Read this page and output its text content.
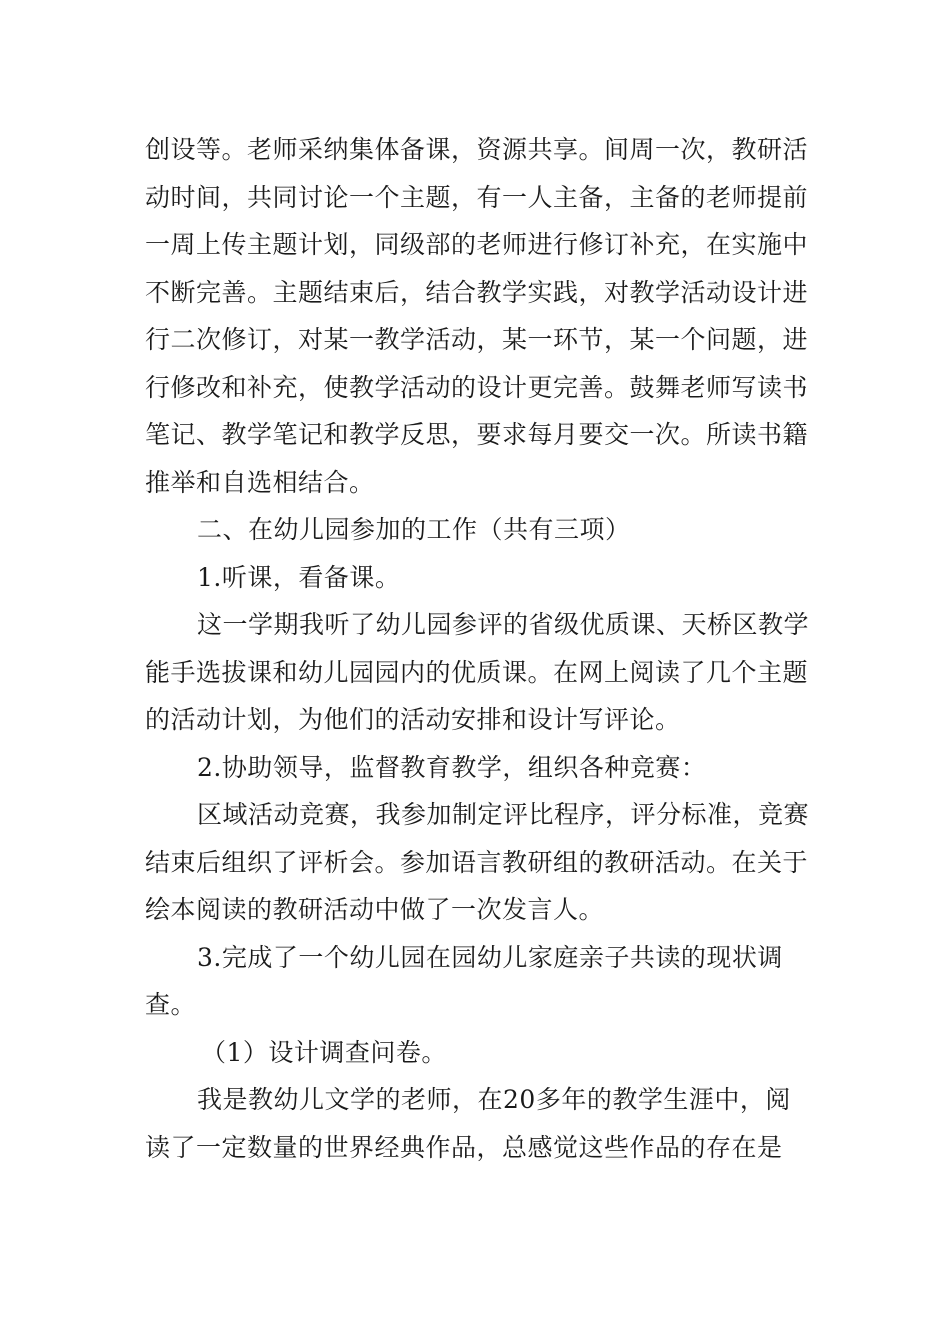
创设等。老师采纳集体备课，资源共享。间周一次，教研活动时间，共同讨论一个主题，有一人主备，主备的老师提前一周上传主题计划，同级部的老师进行修订补充，在实施中不断完善。主题结束后，结合教学实践，对教学活动设计进行二次修订，对某一教学活动，某一环节，某一个问题，进行修改和补充，使教学活动的设计更完善。鼓舞老师写读书笔记、教学笔记和教学反思，要求每月要交一次。所读书籍推举和自选相结合。

二、在幼儿园参加的工作（共有三项）

1.听课，看备课。

这一学期我听了幼儿园参评的省级优质课、天桥区教学能手选拔课和幼儿园园内的优质课。在网上阅读了几个主题的活动计划，为他们的活动安排和设计写评论。

2.协助领导，监督教育教学，组织各种竞赛：

区域活动竞赛，我参加制定评比程序，评分标准，竞赛结束后组织了评析会。参加语言教研组的教研活动。在关于绘本阅读的教研活动中做了一次发言人。

3.完成了一个幼儿园在园幼儿家庭亲子共读的现状调查。

（1）设计调查问卷。

我是教幼儿文学的老师，在20多年的教学生涯中，阅读了一定数量的世界经典作品，总感觉这些作品的存在是
